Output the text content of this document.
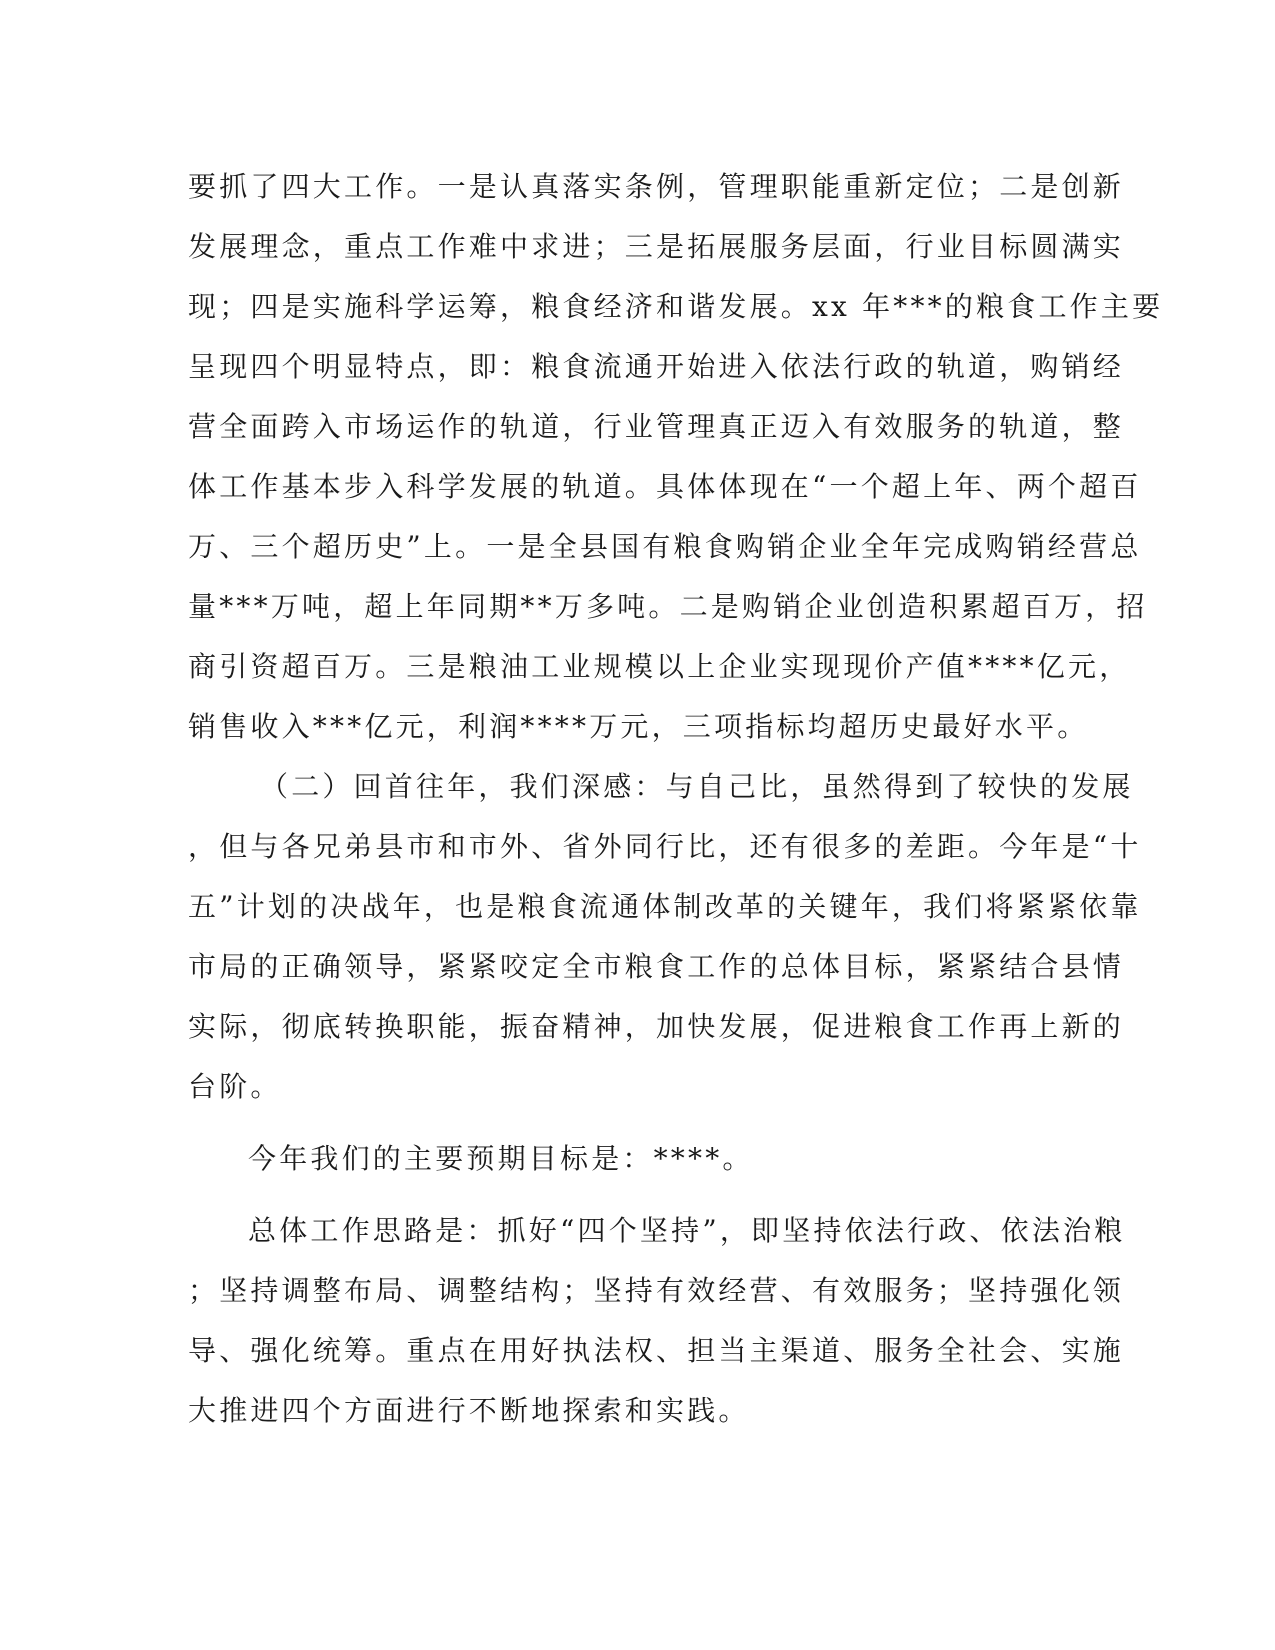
要抓了四大工作。一是认真落实条例，管理职能重新定位；二是创新
发展理念，重点工作难中求进；三是拓展服务层面，行业目标圆满实
现；四是实施科学运筹，粮食经济和谐发展。xx 年***的粮食工作主要
呈现四个明显特点，即：粮食流通开始进入依法行政的轨道，购销经
营全面跨入市场运作的轨道，行业管理真正迈入有效服务的轨道，整
体工作基本步入科学发展的轨道。具体体现在“一个超上年、两个超百
万、三个超历史”上。一是全县国有粮食购销企业全年完成购销经营总
量***万吨，超上年同期**万多吨。二是购销企业创造积累超百万，招
商引资超百万。三是粮油工业规模以上企业实现现价产值****亿元，
销售收入***亿元，利润****万元，三项指标均超历史最好水平。
（二）回首往年，我们深感：与自己比，虽然得到了较快的发展
，但与各兄弟县市和市外、省外同行比，还有很多的差距。今年是“十
五”计划的决战年，也是粮食流通体制改革的关键年，我们将紧紧依靠
市局的正确领导，紧紧咬定全市粮食工作的总体目标，紧紧结合县情
实际，彻底转换职能，振奋精神，加快发展，促进粮食工作再上新的
台阶。
今年我们的主要预期目标是：****。
总体工作思路是：抓好“四个坚持”，即坚持依法行政、依法治粮
；坚持调整布局、调整结构；坚持有效经营、有效服务；坚持强化领
导、强化统筹。重点在用好执法权、担当主渠道、服务全社会、实施
大推进四个方面进行不断地探索和实践。
